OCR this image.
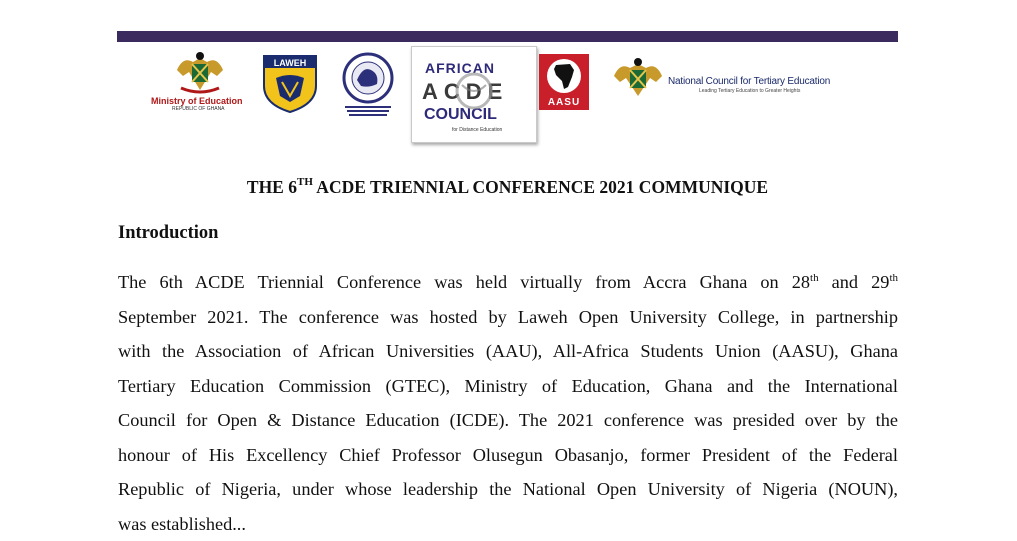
Ministry of Education
REPUBLIC OF GHANA
LAWEH	AFRICAN
ACDE
COUNCIL
for Distance Education
AASU
National Council for Tertiary Education
Leading Tertiary Education to Greater Heights
THE 6TH ACDE TRIENNIAL CONFERENCE 2021 COMMUNIQUE
Introduction
The 6th ACDE Triennial Conference was held virtually from Accra Ghana on 28th and 29th
September 2021. The conference was hosted by Laweh Open University College, in partnership
with the Association of African Universities (AAU), All-Africa Students Union (AASU), Ghana
Tertiary Education Commission (GTEC), Ministry of Education, Ghana and the International
Council for Open & Distance Education (ICDE). The 2021 conference was presided over by the
honour of His Excellency Chief Professor Olusegun Obasanjo, former President of the Federal
Republic of Nigeria, under whose leadership the National Open University of Nigeria (NOUN),
was established...
